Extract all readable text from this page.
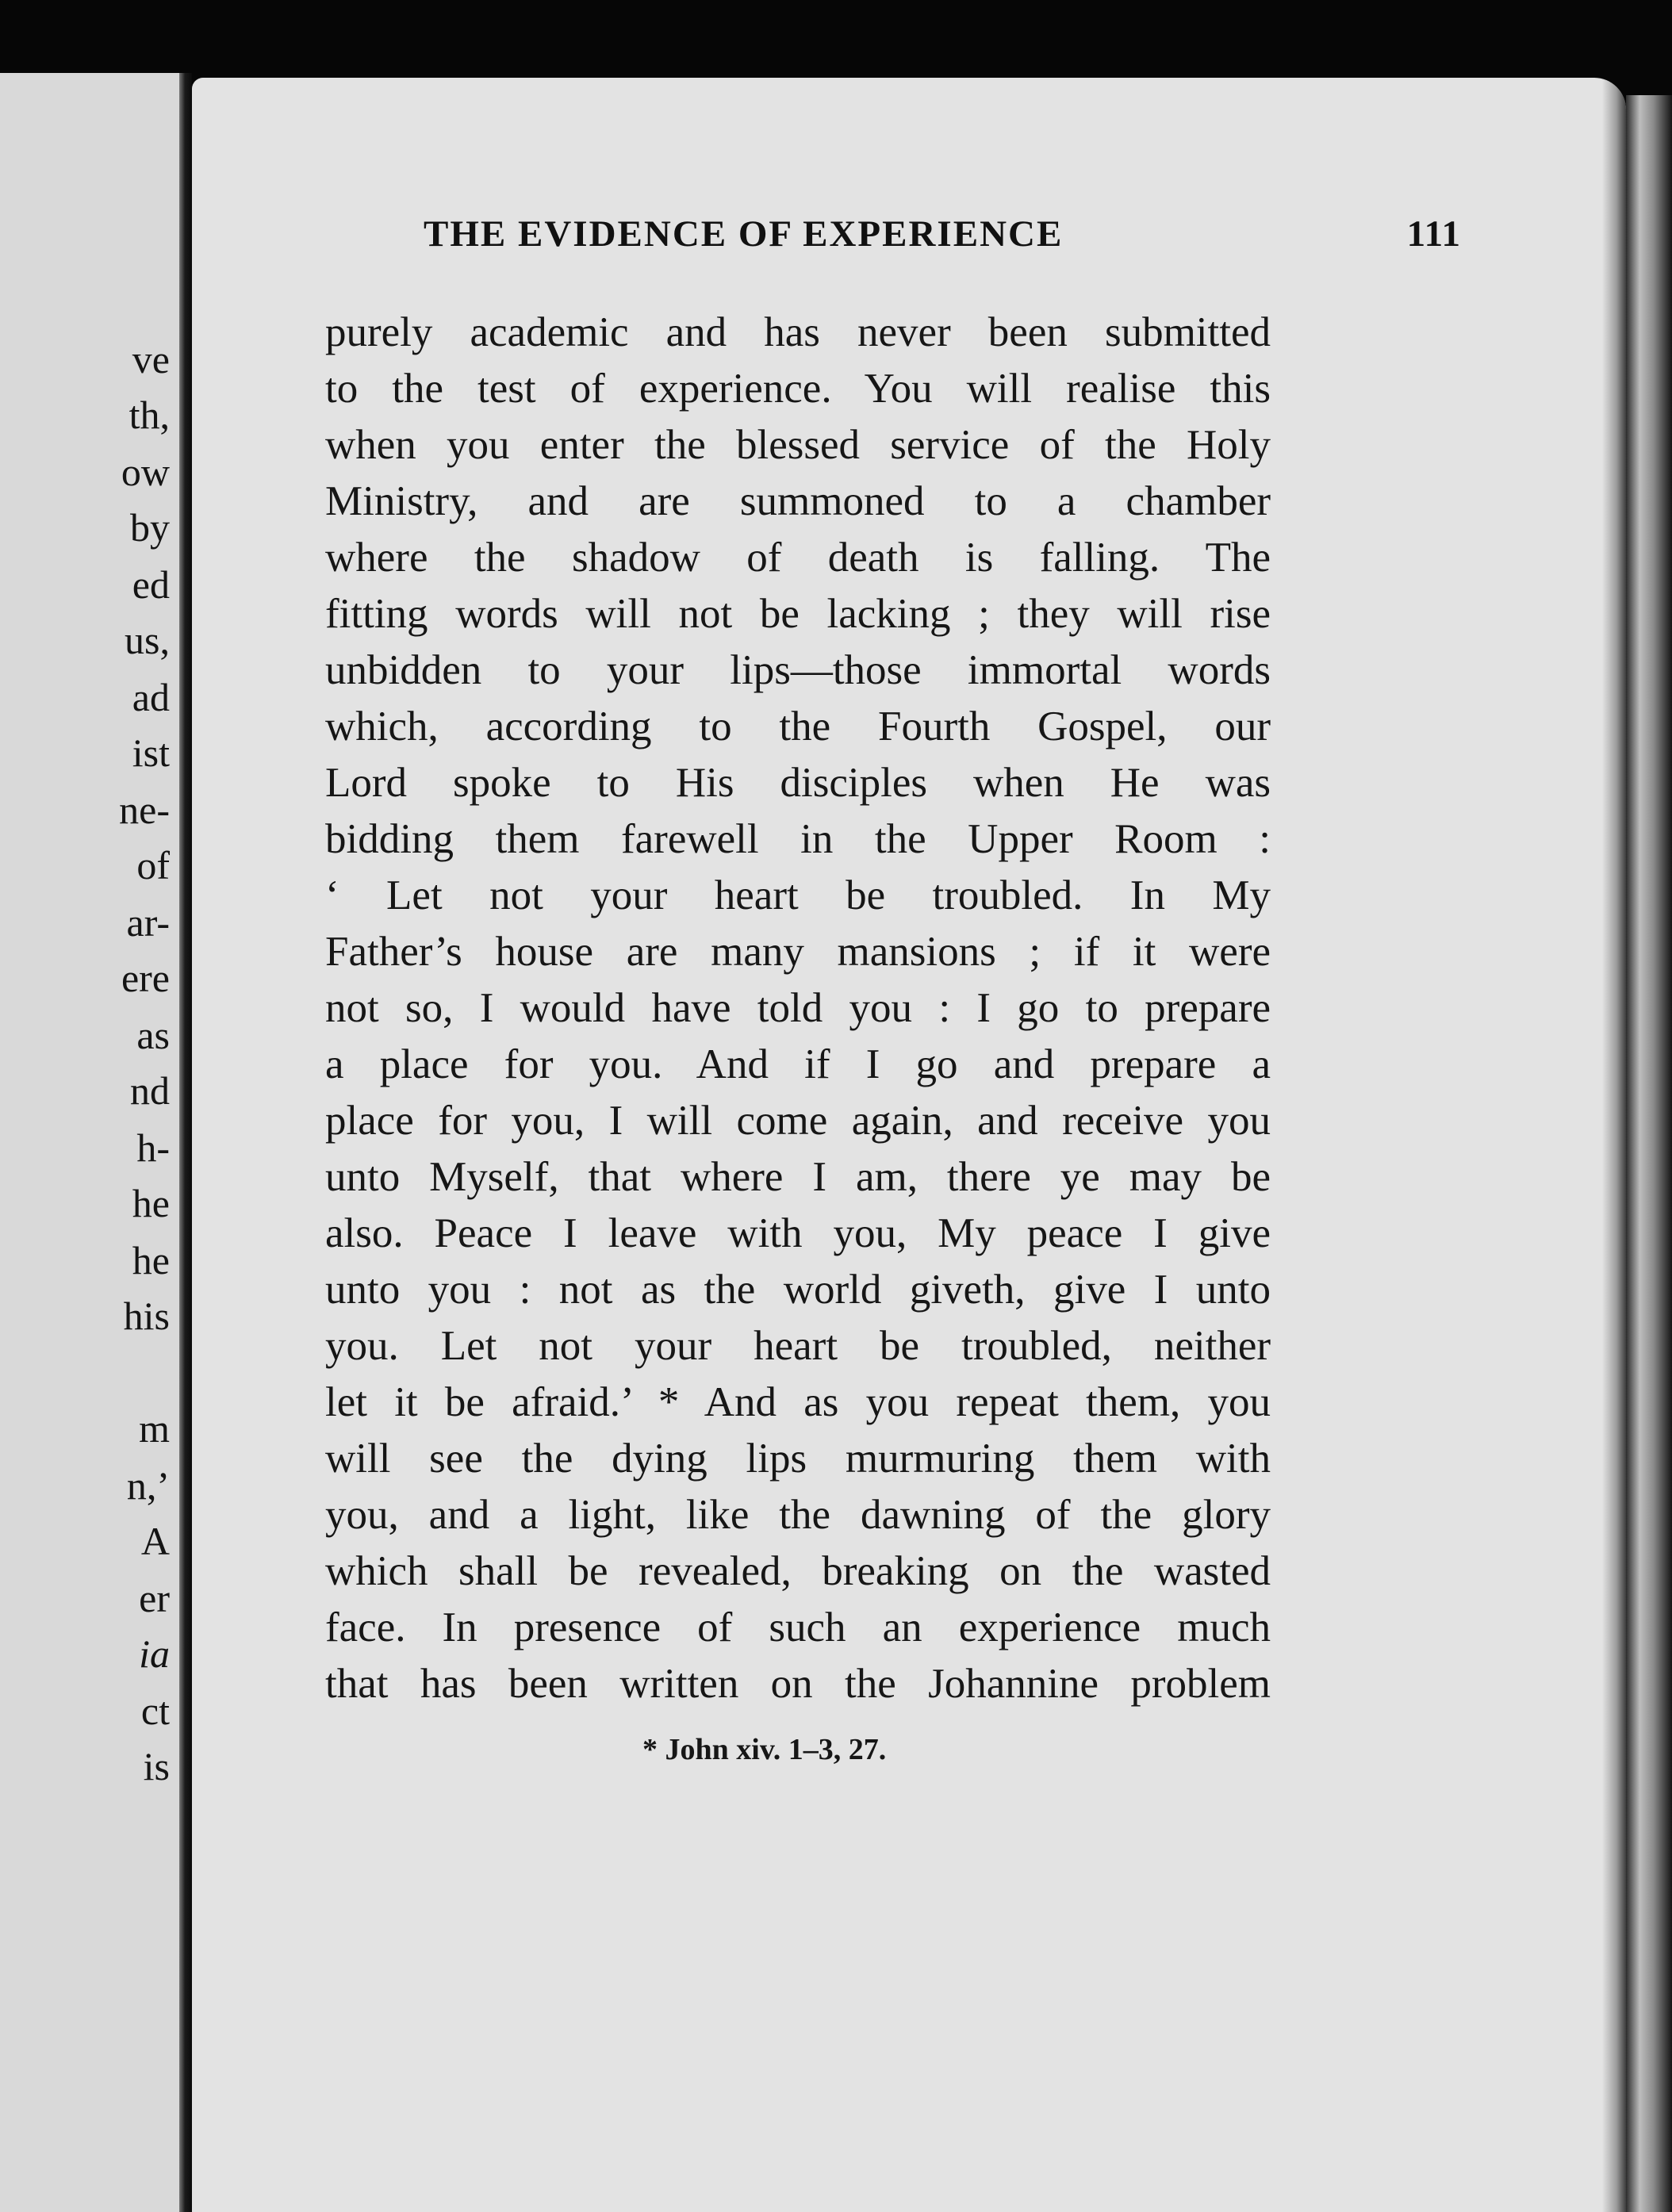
ve
th,
ow
by
ed
us,
ad
ist
ne-
of
ar-
ere
as
nd
h-
he
he
his
m
n,’
A
er
ia
ct
is
THE EVIDENCE OF EXPERIENCE	111
purely academic and has never been submitted
to the test of experience. You will realise this
when you enter the blessed service of the Holy
Ministry, and are summoned to a chamber
where the shadow of death is falling. The
fitting words will not be lacking ; they will rise
unbidden to your lips—those immortal words
which, according to the Fourth Gospel, our
Lord spoke to His disciples when He was
bidding them farewell in the Upper Room :
‘ Let not your heart be troubled. In My
Father’s house are many mansions ; if it were
not so, I would have told you : I go to prepare
a place for you. And if I go and prepare a
place for you, I will come again, and receive you
unto Myself, that where I am, there ye may be
also. Peace I leave with you, My peace I give
unto you : not as the world giveth, give I unto
you. Let not your heart be troubled, neither
let it be afraid.’ * And as you repeat them, you
will see the dying lips murmuring them with
you, and a light, like the dawning of the glory
which shall be revealed, breaking on the wasted
face. In presence of such an experience much
that has been written on the Johannine problem
* John xiv. 1–3, 27.
